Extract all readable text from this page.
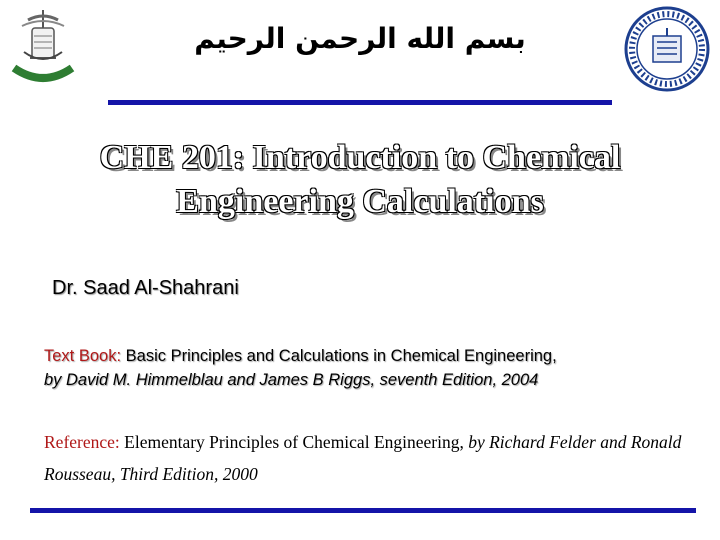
بسم الله الرحمن الرحيم
CHE 201: Introduction to Chemical
Engineering Calculations
Dr. Saad Al-Shahrani
Text Book: Basic Principles and Calculations in Chemical Engineering,
by David M. Himmelblau and James B Riggs, seventh Edition, 2004
Reference: Elementary Principles of Chemical Engineering, by Richard Felder and Ronald Rousseau, Third Edition, 2000
